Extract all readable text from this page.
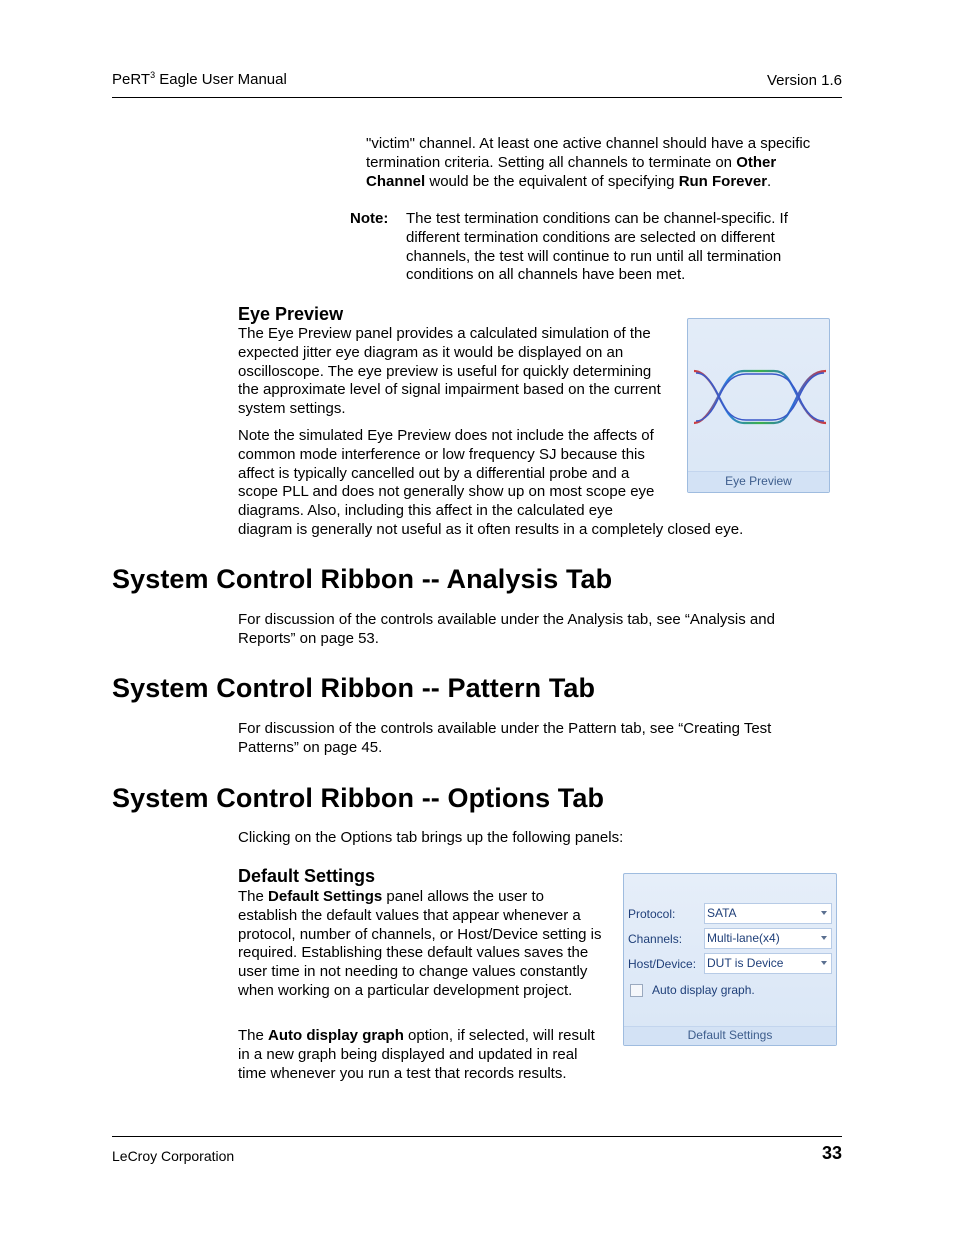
PeRT$^3$ Eagle User Manual	Version 1.6

"victim" channel. At least one active channel should have a specific termination criteria. Setting all channels to terminate on Other Channel would be the equivalent of specifying Run Forever.

Note: The test termination conditions can be channel-specific. If different termination conditions are selected on different channels, the test will continue to run until all termination conditions on all channels have been met.
Eye Preview

The Eye Preview panel provides a calculated simulation of the expected jitter eye diagram as it would be displayed on an oscilloscope. The eye preview is useful for quickly determining the approximate level of signal impairment based on the current system settings.

Note the simulated Eye Preview does not include the affects of
common mode interference or low frequency SJ because this
affect is typically cancelled out by a differential probe and a
scope PLL and does not generally show up on most scope eye
diagrams. Also, including this affect in the calculated eye
diagram is generally not useful as it often results in a completely closed eye.
Eye Preview
System Control Ribbon -- Analysis Tab
For discussion of the controls available under the Analysis tab, see “Analysis and Reports” on page 53.
System Control Ribbon -- Pattern Tab
For discussion of the controls available under the Pattern tab, see “Creating Test Patterns” on page 45.
System Control Ribbon -- Options Tab
Clicking on the Options tab brings up the following panels:
Default Settings

The Default Settings panel allows the user to establish the default values that appear whenever a protocol, number of channels, or Host/Device setting is required. Establishing these default values saves the user time in not needing to change values constantly when working on a particular development project.

The Auto display graph option, if selected, will result in a new graph being displayed and updated in real time whenever you run a test that records results.

Protocol:	SATA
Channels: Multi-lane(x4)
Host/Device: DUT is Device
Auto display graph.
Default Settings
LeCroy Corporation	33
